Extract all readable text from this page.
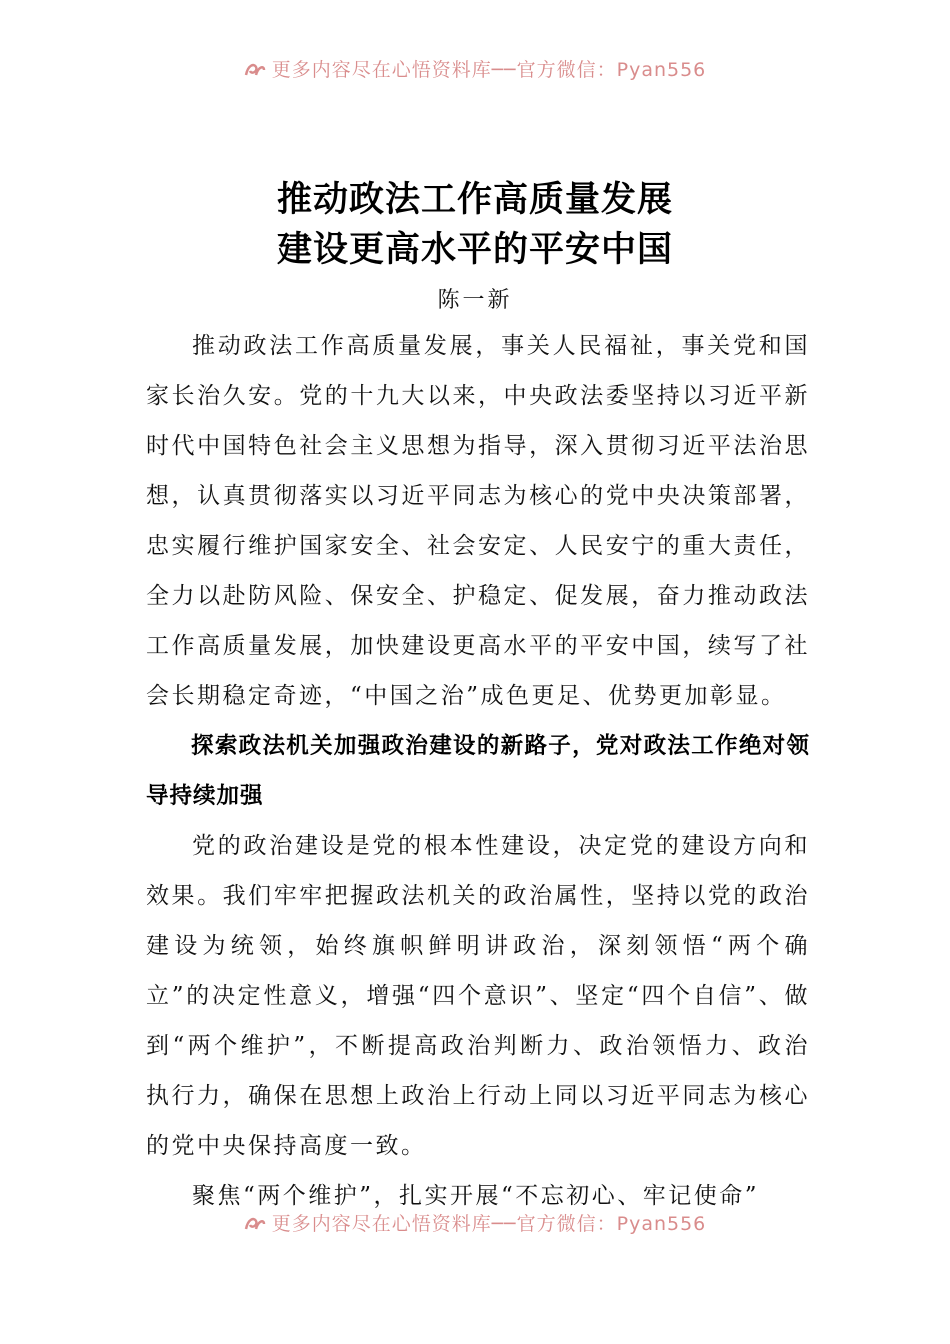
更多内容尽在心悟资料库──官方微信：Pyan556
推动政法工作高质量发展
建设更高水平的平安中国
陈一新

推动政法工作高质量发展，事关人民福祉，事关党和国家长治久安。党的十九大以来，中央政法委坚持以习近平新时代中国特色社会主义思想为指导，深入贯彻习近平法治思想，认真贯彻落实以习近平同志为核心的党中央决策部署，忠实履行维护国家安全、社会安定、人民安宁的重大责任，全力以赴防风险、保安全、护稳定、促发展，奋力推动政法工作高质量发展，加快建设更高水平的平安中国，续写了社会长期稳定奇迹，“中国之治”成色更足、优势更加彰显。

探索政法机关加强政治建设的新路子，党对政法工作绝对领导持续加强

党的政治建设是党的根本性建设，决定党的建设方向和效果。我们牢牢把握政法机关的政治属性，坚持以党的政治建设为统领，始终旗帜鲜明讲政治，深刻领悟“两个确立”的决定性意义，增强“四个意识”、坚定“四个自信”、做到“两个维护”，不断提高政治判断力、政治领悟力、政治执行力，确保在思想上政治上行动上同以习近平同志为核心的党中央保持高度一致。

聚焦“两个维护”，扎实开展“不忘初心、牢记使命”

更多内容尽在心悟资料库──官方微信：Pyan556
